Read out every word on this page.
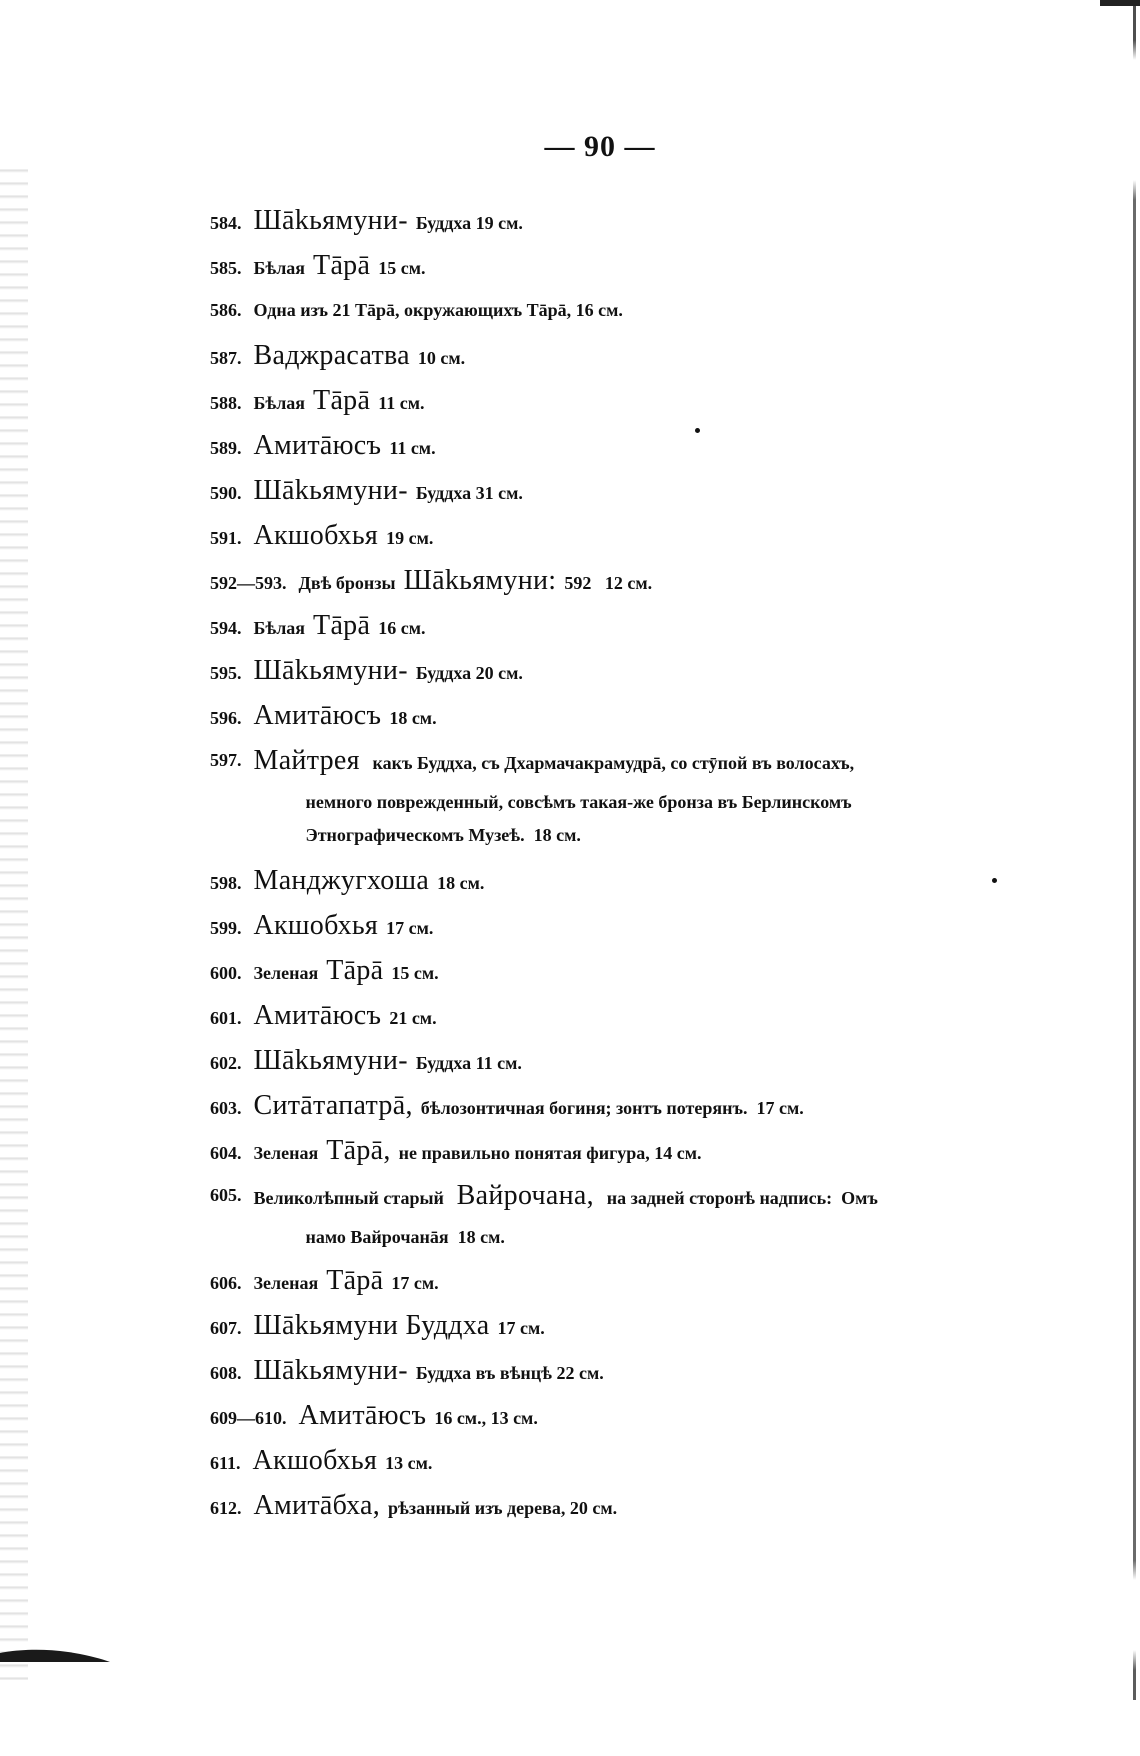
— 90 —
584. Шākьямуни- Буддха 19 см.
585. Бѣлая Тāрā 15 см.
586. Одна изъ 21 Тāрā, окружающихъ Тāрā, 16 см.
587. Ваджрасатва 10 см.
588. Бѣлая Тāрā 11 см.
589. Амитāюсъ 11 см.
590. Шākьямуни- Буддха 31 см.
591. Акшобхья 19 см.
592—593. Двѣ бронзы Шākьямуни: 592   12 см.
594. Бѣлая Тāрā 16 см.
595. Шākьямуни- Буддха 20 см.
596. Амитāюсъ 18 см.
597. Майтрея какъ Буддха, съ Дхармачакрамудрā, со стӯпой въ волосахъ,
немного поврежденный, совсѣмъ такая-же бронза въ Берлинскомъ
Этнографическомъ Музеѣ.  18 см.
598. Манджугхоша 18 см.
599. Акшобхья 17 см.
600. Зеленая Тāрā 15 см.
601. Амитāюсъ 21 см.
602. Шākьямуни- Буддха 11 см.
603. Ситāтапатрā, бѣлозонтичная богиня; зонтъ потерянъ.  17 см.
604. Зеленая Тāрā, не правильно понятая фигура, 14 см.
605. Великолѣпный старый Вайрочана, на задней сторонѣ надпись:  Омъ
намо Вайрочанāя  18 см.
606. Зеленая Тāрā 17 см.
607. Шākьямуни Буддха 17 см.
608. Шākьямуни- Буддха въ вѣнцѣ 22 см.
609—610. Амитāюсъ 16 см., 13 см.
611. Акшобхья 13 см.
612. Амитāбха, рѣзанный изъ дерева, 20 см.
